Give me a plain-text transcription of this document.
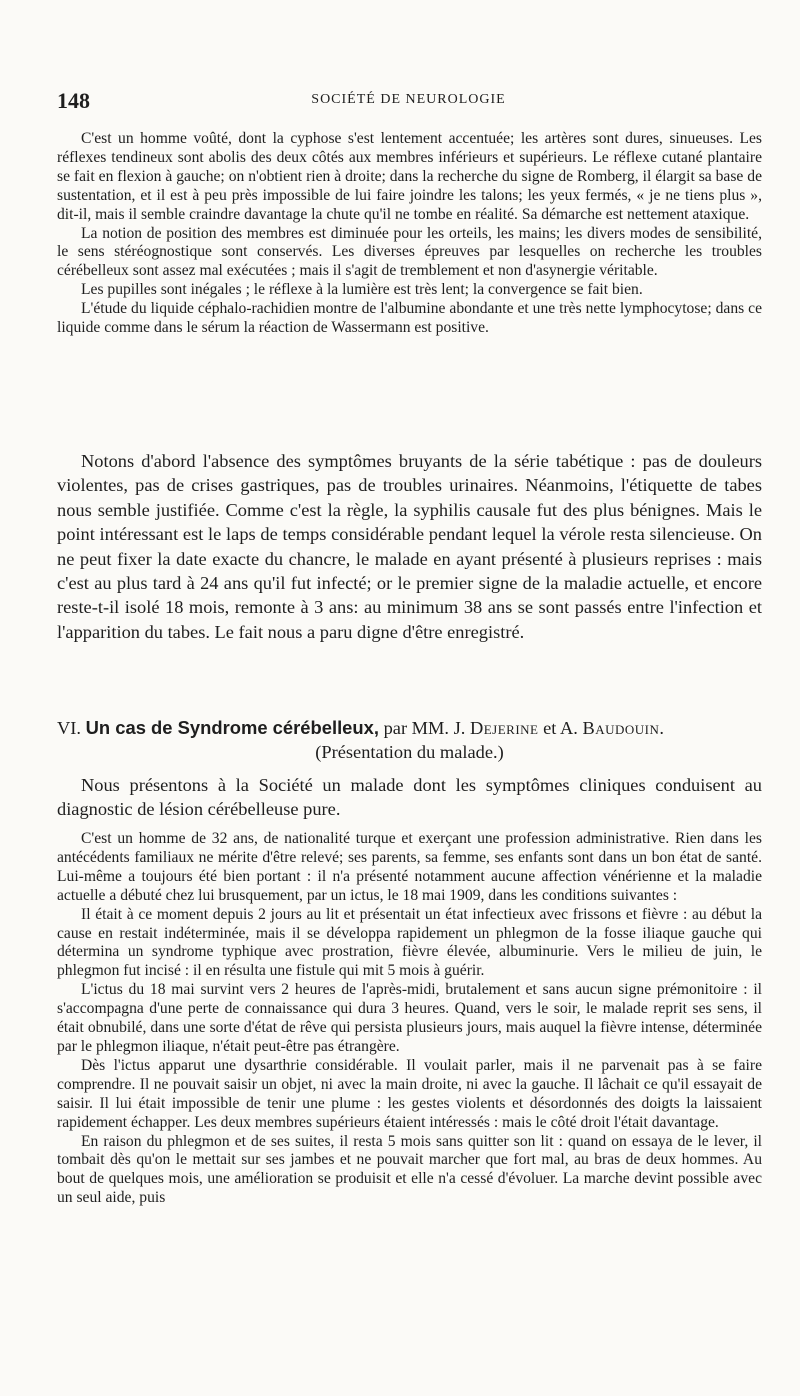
148	SOCIÉTÉ DE NEUROLOGIE

C'est un homme voûté, dont la cyphose s'est lentement accentuée; les artères sont dures, sinueuses. Les réflexes tendineux sont abolis des deux côtés aux membres inférieurs et supérieurs. Le réflexe cutané plantaire se fait en flexion à gauche; on n'obtient rien à droite; dans la recherche du signe de Romberg, il élargit sa base de sustentation, et il est à peu près impossible de lui faire joindre les talons; les yeux fermés, « je ne tiens plus », dit-il, mais il semble craindre davantage la chute qu'il ne tombe en réalité. Sa démarche est nettement ataxique.

La notion de position des membres est diminuée pour les orteils, les mains; les divers modes de sensibilité, le sens stéréognostique sont conservés. Les diverses épreuves par lesquelles on recherche les troubles cérébelleux sont assez mal exécutées ; mais il s'agit de tremblement et non d'asynergie véritable.

Les pupilles sont inégales ; le réflexe à la lumière est très lent; la convergence se fait bien.

L'étude du liquide céphalo-rachidien montre de l'albumine abondante et une très nette lymphocytose; dans ce liquide comme dans le sérum la réaction de Wassermann est positive.

Notons d'abord l'absence des symptômes bruyants de la série tabétique : pas de douleurs violentes, pas de crises gastriques, pas de troubles urinaires. Néanmoins, l'étiquette de tabes nous semble justifiée. Comme c'est la règle, la syphilis causale fut des plus bénignes. Mais le point intéressant est le laps de temps considérable pendant lequel la vérole resta silencieuse. On ne peut fixer la date exacte du chancre, le malade en ayant présenté à plusieurs reprises : mais c'est au plus tard à 24 ans qu'il fut infecté; or le premier signe de la maladie actuelle, et encore reste-t-il isolé 18 mois, remonte à 3 ans: au minimum 38 ans se sont passés entre l'infection et l'apparition du tabes. Le fait nous a paru digne d'être enregistré.

VI. Un cas de Syndrome cérébelleux, par MM. J. Dejerine et A. Baudouin.

(Présentation du malade.)

Nous présentons à la Société un malade dont les symptômes cliniques conduisent au diagnostic de lésion cérébelleuse pure.

C'est un homme de 32 ans, de nationalité turque et exerçant une profession administrative. Rien dans les antécédents familiaux ne mérite d'être relevé; ses parents, sa femme, ses enfants sont dans un bon état de santé. Lui-même a toujours été bien portant : il n'a présenté notamment aucune affection vénérienne et la maladie actuelle a débuté chez lui brusquement, par un ictus, le 18 mai 1909, dans les conditions suivantes :

Il était à ce moment depuis 2 jours au lit et présentait un état infectieux avec frissons et fièvre : au début la cause en restait indéterminée, mais il se développa rapidement un phlegmon de la fosse iliaque gauche qui détermina un syndrome typhique avec prostration, fièvre élevée, albuminurie. Vers le milieu de juin, le phlegmon fut incisé : il en résulta une fistule qui mit 5 mois à guérir.

L'ictus du 18 mai survint vers 2 heures de l'après-midi, brutalement et sans aucun signe prémonitoire : il s'accompagna d'une perte de connaissance qui dura 3 heures. Quand, vers le soir, le malade reprit ses sens, il était obnubilé, dans une sorte d'état de rêve qui persista plusieurs jours, mais auquel la fièvre intense, déterminée par le phlegmon iliaque, n'était peut-être pas étrangère.

Dès l'ictus apparut une dysarthrie considérable. Il voulait parler, mais il ne parvenait pas à se faire comprendre. Il ne pouvait saisir un objet, ni avec la main droite, ni avec la gauche. Il lâchait ce qu'il essayait de saisir. Il lui était impossible de tenir une plume : les gestes violents et désordonnés des doigts la laissaient rapidement échapper. Les deux membres supérieurs étaient intéressés : mais le côté droit l'était davantage.

En raison du phlegmon et de ses suites, il resta 5 mois sans quitter son lit : quand on essaya de le lever, il tombait dès qu'on le mettait sur ses jambes et ne pouvait marcher que fort mal, au bras de deux hommes. Au bout de quelques mois, une amélioration se produisit et elle n'a cessé d'évoluer. La marche devint possible avec un seul aide, puis
